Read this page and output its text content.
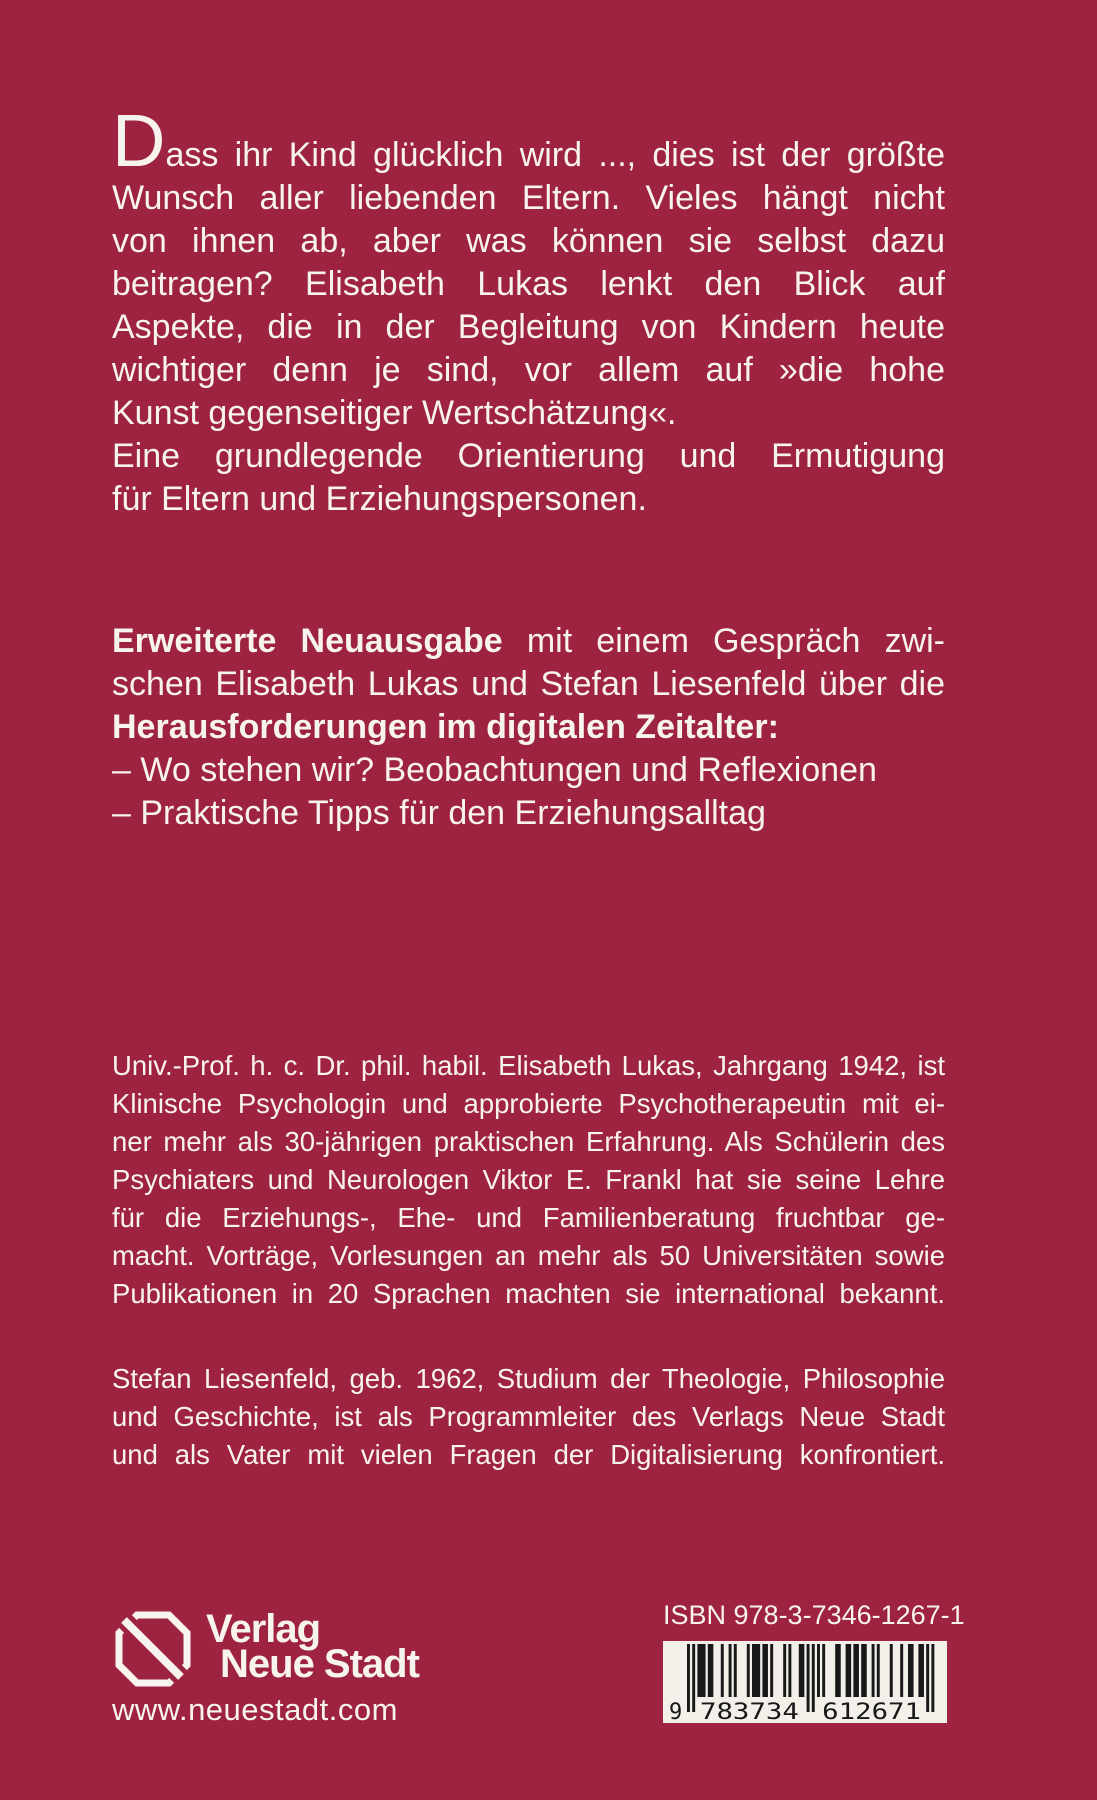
Dass ihr Kind glücklich wird ..., dies ist der größte
Wunsch aller liebenden Eltern. Vieles hängt nicht
von ihnen ab, aber was können sie selbst dazu
beitragen? Elisabeth Lukas lenkt den Blick auf
Aspekte, die in der Begleitung von Kindern heute
wichtiger denn je sind, vor allem auf »die hohe
Kunst gegenseitiger Wertschätzung«.
Eine grundlegende Orientierung und Ermutigung
für Eltern und Erziehungspersonen.
Erweiterte Neuausgabe mit einem Gespräch zwi-
schen Elisabeth Lukas und Stefan Liesenfeld über die
Herausforderungen im digitalen Zeitalter:
– Wo stehen wir? Beobachtungen und Reflexionen
– Praktische Tipps für den Erziehungsalltag
Univ.-Prof. h. c. Dr. phil. habil. Elisabeth Lukas, Jahrgang 1942, ist
Klinische Psychologin und approbierte Psychotherapeutin mit ei-
ner mehr als 30-jährigen praktischen Erfahrung. Als Schülerin des
Psychiaters und Neurologen Viktor E. Frankl hat sie seine Lehre
für die Erziehungs-, Ehe- und Familienberatung fruchtbar ge-
macht. Vorträge, Vorlesungen an mehr als 50 Universitäten sowie
Publikationen in 20 Sprachen machten sie international bekannt.
Stefan Liesenfeld, geb. 1962, Studium der Theologie, Philosophie
und Geschichte, ist als Programmleiter des Verlags Neue Stadt
und als Vater mit vielen Fragen der Digitalisierung konfrontiert.
Verlag
Neue Stadt
www.neuestadt.com
ISBN 978-3-7346-1267-1
9 783734 612671
